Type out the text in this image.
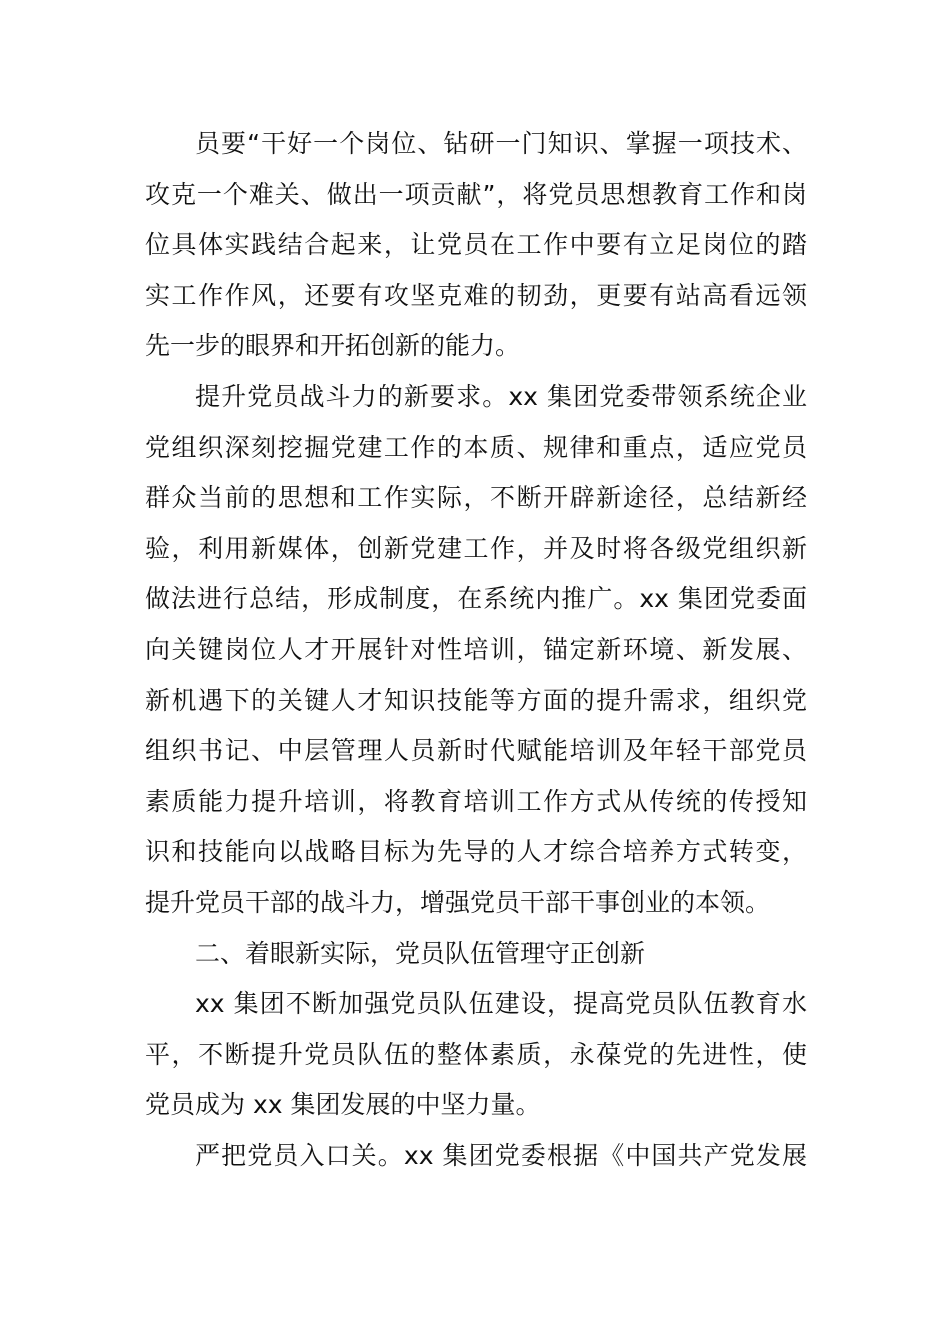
员要“干好一个岗位、钻研一门知识、掌握一项技术、
攻克一个难关、做出一项贡献”，将党员思想教育工作和岗
位具体实践结合起来，让党员在工作中要有立足岗位的踏
实工作作风，还要有攻坚克难的韧劲，更要有站高看远领
先一步的眼界和开拓创新的能力。
提升党员战斗力的新要求。xx 集团党委带领系统企业
党组织深刻挖掘党建工作的本质、规律和重点，适应党员
群众当前的思想和工作实际，不断开辟新途径，总结新经
验，利用新媒体，创新党建工作，并及时将各级党组织新
做法进行总结，形成制度，在系统内推广。xx 集团党委面
向关键岗位人才开展针对性培训，锚定新环境、新发展、
新机遇下的关键人才知识技能等方面的提升需求，组织党
组织书记、中层管理人员新时代赋能培训及年轻干部党员
素质能力提升培训，将教育培训工作方式从传统的传授知
识和技能向以战略目标为先导的人才综合培养方式转变，
提升党员干部的战斗力，增强党员干部干事创业的本领。
二、着眼新实际，党员队伍管理守正创新
xx 集团不断加强党员队伍建设，提高党员队伍教育水
平，不断提升党员队伍的整体素质，永葆党的先进性，使
党员成为 xx 集团发展的中坚力量。
严把党员入口关。xx 集团党委根据《中国共产党发展
